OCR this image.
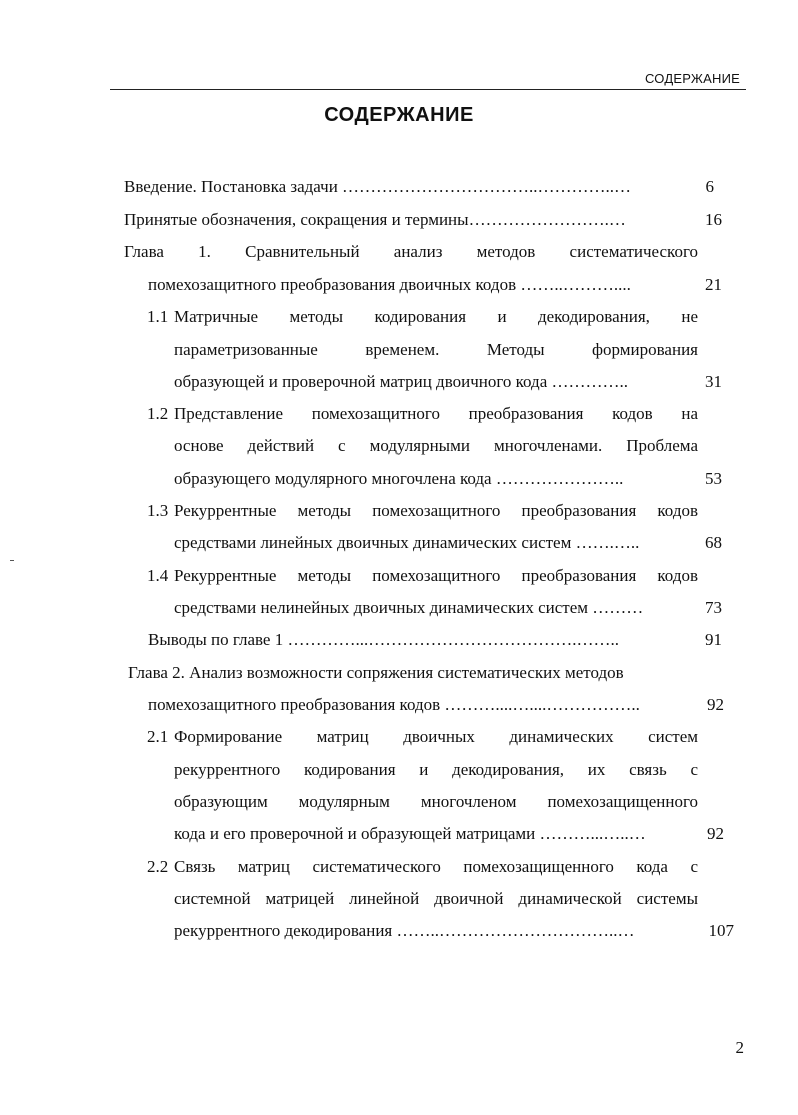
СОДЕРЖАНИЕ
СОДЕРЖАНИЕ
Введение. Постановка задачи ……………………………..…………..…	6
Принятые обозначения, сокращения и термины…………………….…	16
Глава 1. Сравнительный анализ методов систематического
помехозащитного преобразования двоичных кодов ……..………....	21
1.1 Матричные методы кодирования и декодирования, не
параметризованные временем. Методы формирования
образующей и проверочной матриц двоичного кода …………..	31
1.2 Представление помехозащитного преобразования кодов на
основе действий с модулярными многочленами. Проблема
образующего модулярного многочлена кода …………………..	53
1.3 Рекуррентные методы помехозащитного преобразования кодов
средствами линейных двоичных динамических систем …….…..	68
1.4 Рекуррентные методы помехозащитного преобразования кодов
средствами нелинейных двоичных динамических систем ………	73
Выводы по главе 1 …………...……………………………….……..	91
Глава 2. Анализ возможности сопряжения систематических методов
помехозащитного преобразования кодов ………....…....……………..	92
2.1 Формирование матриц двоичных динамических систем
рекуррентного кодирования и декодирования, их связь с
образующим модулярным многочленом помехозащищенного
кода и его проверочной и образующей матрицами ………...…..…	92
2.2 Связь матриц систематического помехозащищенного кода с
системной матрицей линейной двоичной динамической системы
рекуррентного декодирования ……..…………………………..…	107
2
